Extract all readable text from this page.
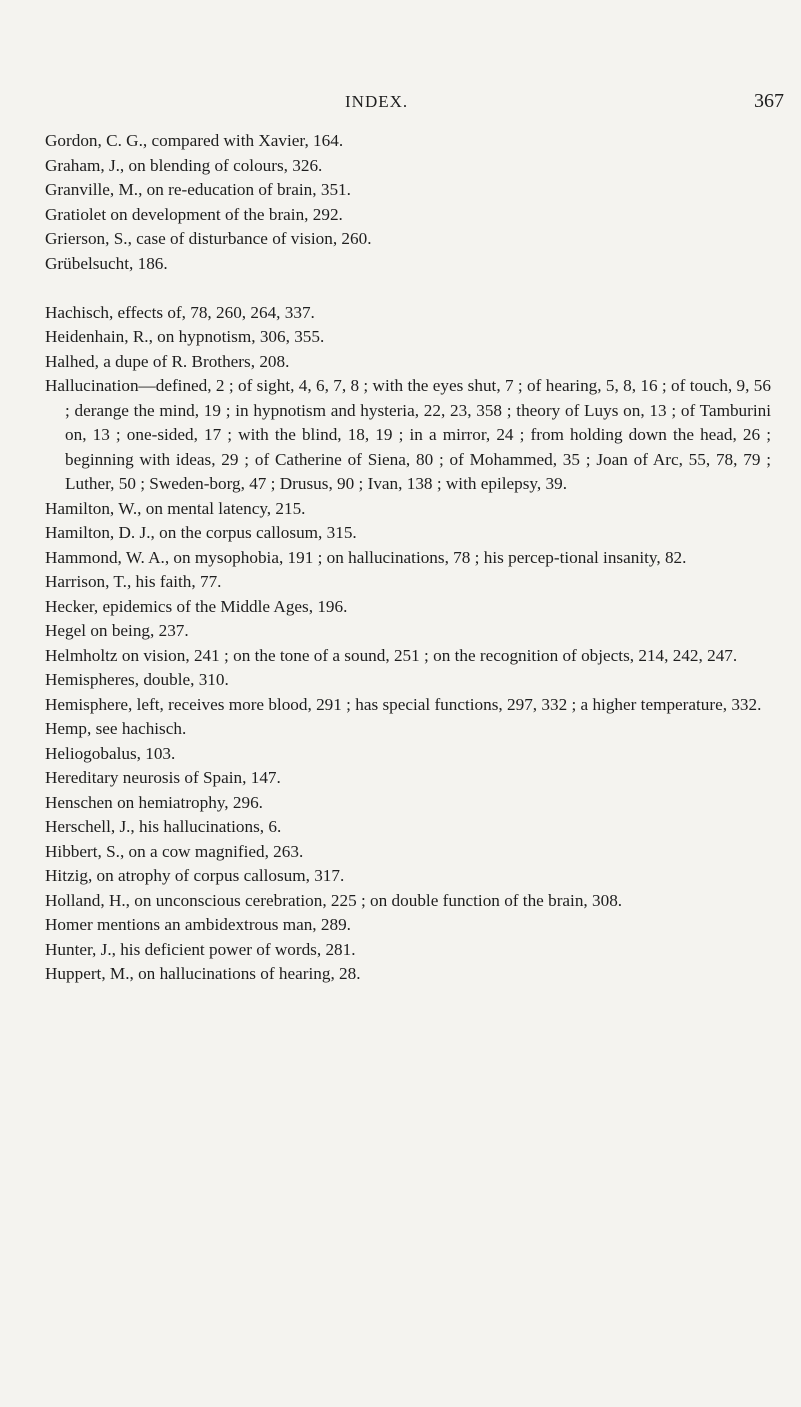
INDEX.	367
Gordon, C. G., compared with Xavier, 164.
Graham, J., on blending of colours, 326.
Granville, M., on re-education of brain, 351.
Gratiolet on development of the brain, 292.
Grierson, S., case of disturbance of vision, 260.
Grübelsucht, 186.
Hachisch, effects of, 78, 260, 264, 337.
Heidenhain, R., on hypnotism, 306, 355.
Halhed, a dupe of R. Brothers, 208.
Hallucination—defined, 2 ; of sight, 4, 6, 7, 8 ; with the eyes shut, 7 ; of hearing, 5, 8, 16 ; of touch, 9, 56 ; derange the mind, 19 ; in hypnotism and hysteria, 22, 23, 358 ; theory of Luys on, 13 ; of Tamburini on, 13 ; one-sided, 17 ; with the blind, 18, 19 ; in a mirror, 24 ; from holding down the head, 26 ; beginning with ideas, 29 ; of Catherine of Siena, 80 ; of Mohammed, 35 ; Joan of Arc, 55, 78, 79 ; Luther, 50 ; Sweden-borg, 47 ; Drusus, 90 ; Ivan, 138 ; with epilepsy, 39.
Hamilton, W., on mental latency, 215.
Hamilton, D. J., on the corpus callosum, 315.
Hammond, W. A., on mysophobia, 191 ; on hallucinations, 78 ; his percep-tional insanity, 82.
Harrison, T., his faith, 77.
Hecker, epidemics of the Middle Ages, 196.
Hegel on being, 237.
Helmholtz on vision, 241 ; on the tone of a sound, 251 ; on the recognition of objects, 214, 242, 247.
Hemispheres, double, 310.
Hemisphere, left, receives more blood, 291 ; has special functions, 297, 332 ; a higher temperature, 332.
Hemp, see hachisch.
Heliogobalus, 103.
Hereditary neurosis of Spain, 147.
Henschen on hemiatrophy, 296.
Herschell, J., his hallucinations, 6.
Hibbert, S., on a cow magnified, 263.
Hitzig, on atrophy of corpus callosum, 317.
Holland, H., on unconscious cerebration, 225 ; on double function of the brain, 308.
Homer mentions an ambidextrous man, 289.
Hunter, J., his deficient power of words, 281.
Huppert, M., on hallucinations of hearing, 28.
